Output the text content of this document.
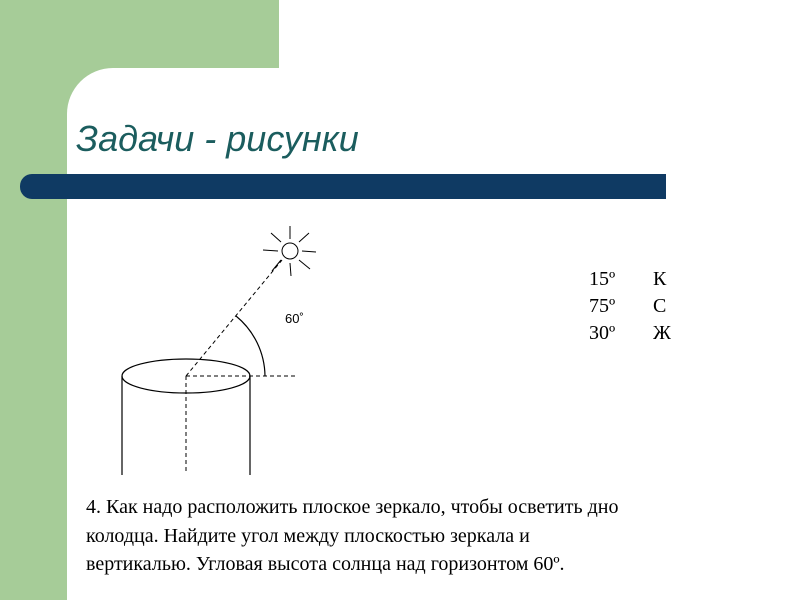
Задачи - рисунки
60˚
15º	К
75º	С
30º	Ж
4. Как надо расположить плоское зеркало, чтобы осветить дно
колодца. Найдите угол между плоскостью зеркала и
вертикалью. Угловая высота солнца над горизонтом 60º.
